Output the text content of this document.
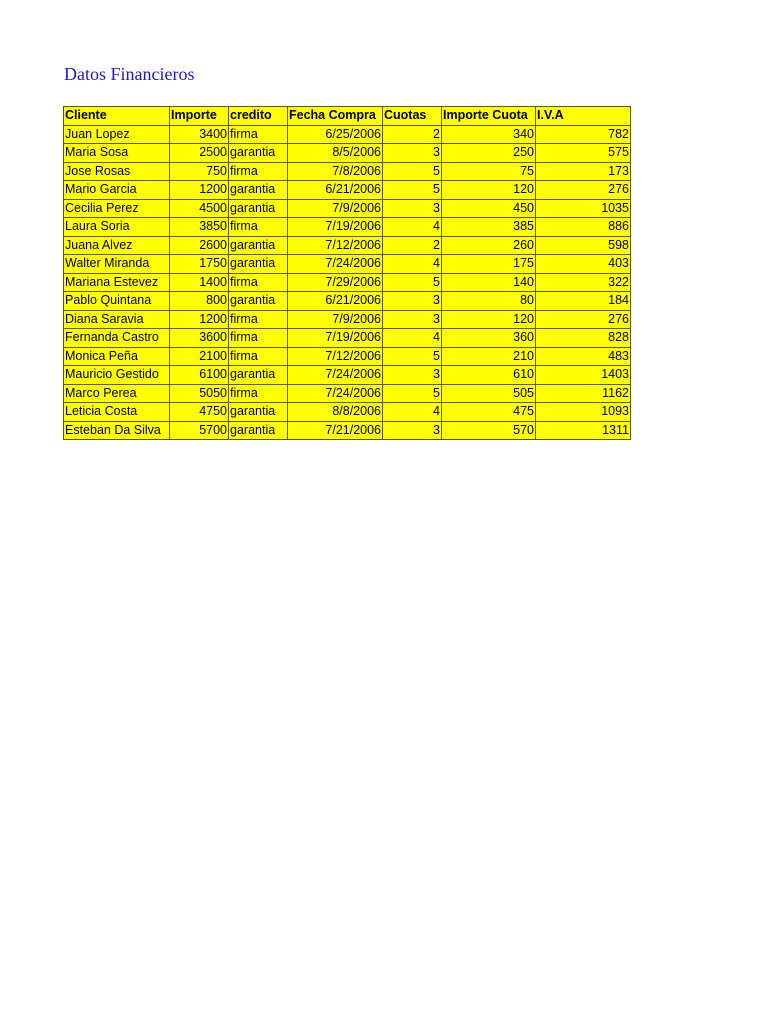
Datos Financieros
Cliente	Importe	credito	Fecha Compra	Cuotas	Importe Cuota	I.V.A
Juan Lopez	3400	firma	6/25/2006	2	340	782
Maria Sosa	2500	garantia	8/5/2006	3	250	575
Jose Rosas	750	firma	7/8/2006	5	75	173
Mario Garcia	1200	garantia	6/21/2006	5	120	276
Cecilia Perez	4500	garantia	7/9/2006	3	450	1035
Laura Soria	3850	firma	7/19/2006	4	385	886
Juana Alvez	2600	garantia	7/12/2006	2	260	598
Walter Miranda	1750	garantia	7/24/2006	4	175	403
Mariana Estevez	1400	firma	7/29/2006	5	140	322
Pablo Quintana	800	garantia	6/21/2006	3	80	184
Diana Saravia	1200	firma	7/9/2006	3	120	276
Fernanda Castro	3600	firma	7/19/2006	4	360	828
Monica Peña	2100	firma	7/12/2006	5	210	483
Mauricio Gestido	6100	garantia	7/24/2006	3	610	1403
Marco Perea	5050	firma	7/24/2006	5	505	1162
Leticia Costa	4750	garantia	8/8/2006	4	475	1093
Esteban Da Silva	5700	garantia	7/21/2006	3	570	1311
